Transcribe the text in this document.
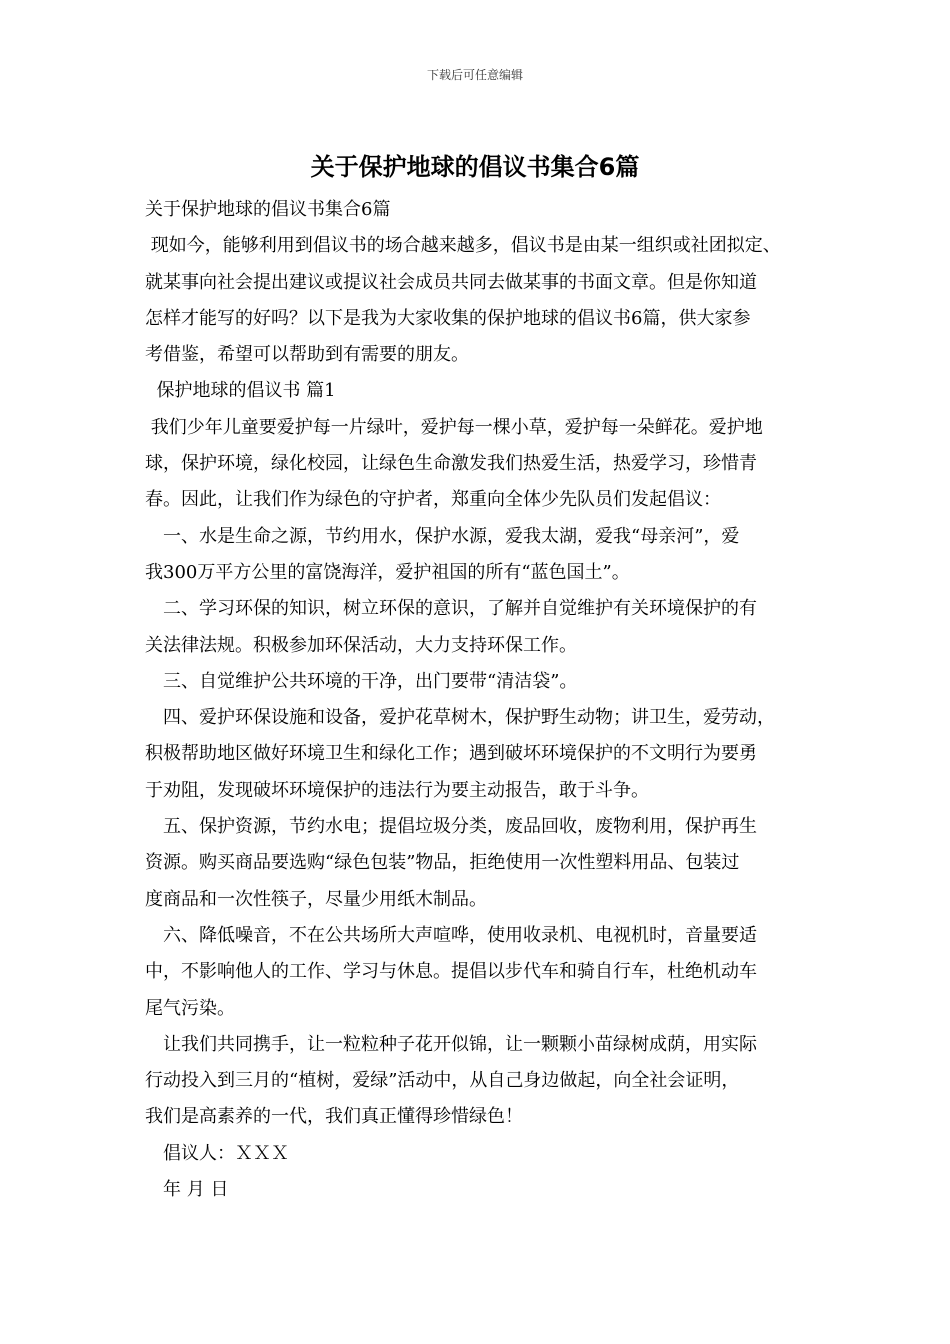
下载后可任意编辑
关于保护地球的倡议书集合6篇
关于保护地球的倡议书集合6篇
现如今，能够利用到倡议书的场合越来越多，倡议书是由某一组织或社团拟定、
就某事向社会提出建议或提议社会成员共同去做某事的书面文章。但是你知道
怎样才能写的好吗？以下是我为大家收集的保护地球的倡议书6篇，供大家参
考借鉴，希望可以帮助到有需要的朋友。
保护地球的倡议书 篇1
我们少年儿童要爱护每一片绿叶，爱护每一棵小草，爱护每一朵鲜花。爱护地
球，保护环境，绿化校园，让绿色生命激发我们热爱生活，热爱学习，珍惜青
春。因此，让我们作为绿色的守护者，郑重向全体少先队员们发起倡议：
　一、水是生命之源，节约用水，保护水源，爱我太湖，爱我“母亲河”，爱
我300万平方公里的富饶海洋，爱护祖国的所有“蓝色国土”。
　二、学习环保的知识，树立环保的意识，了解并自觉维护有关环境保护的有
关法律法规。积极参加环保活动，大力支持环保工作。
　三、自觉维护公共环境的干净，出门要带“清洁袋”。
　四、爱护环保设施和设备，爱护花草树木，保护野生动物；讲卫生，爱劳动，
积极帮助地区做好环境卫生和绿化工作；遇到破坏环境保护的不文明行为要勇
于劝阻，发现破坏环境保护的违法行为要主动报告，敢于斗争。
　五、保护资源，节约水电；提倡垃圾分类，废品回收，废物利用，保护再生
资源。购买商品要选购“绿色包装”物品，拒绝使用一次性塑料用品、包装过
度商品和一次性筷子，尽量少用纸木制品。
　六、降低噪音，不在公共场所大声喧哗，使用收录机、电视机时，音量要适
中，不影响他人的工作、学习与休息。提倡以步代车和骑自行车，杜绝机动车
尾气污染。
　让我们共同携手，让一粒粒种子花开似锦，让一颗颗小苗绿树成荫，用实际
行动投入到三月的“植树，爱绿”活动中，从自己身边做起，向全社会证明，
我们是高素养的一代，我们真正懂得珍惜绿色！
　倡议人：ＸＸＸ
　年 月 日
